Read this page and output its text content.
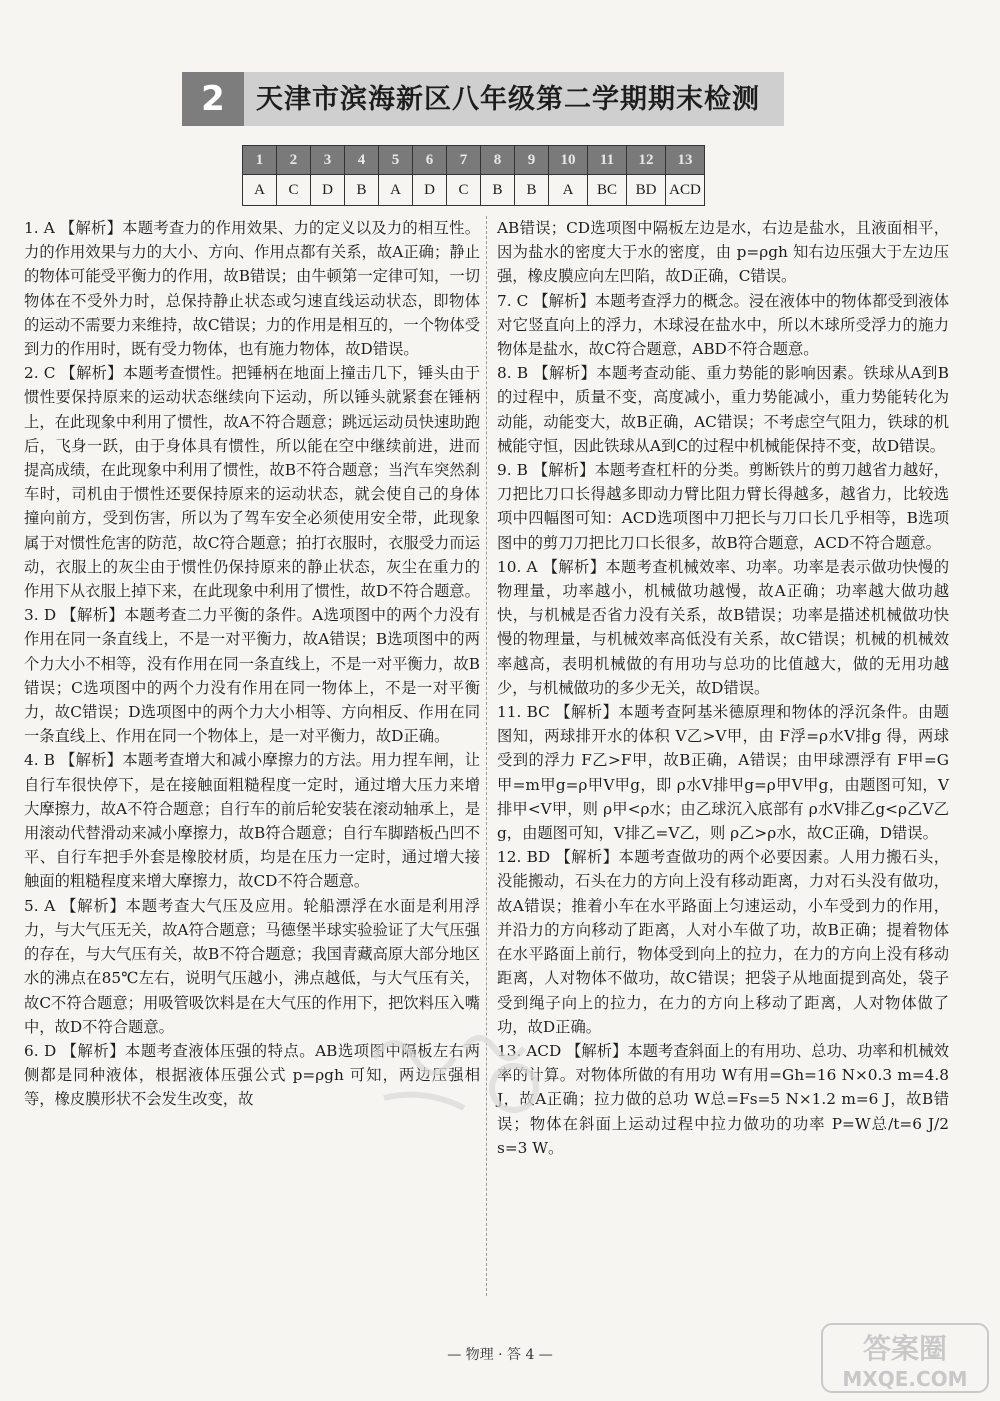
2	天津市滨海新区八年级第二学期期末检测
1	2	3	4	5	6	7	8	9	10	11	12	13
A	C	D	B	A	D	C	B	B	A	BC	BD	ACD
1. A 【解析】本题考查力的作用效果、力的定义以及力的相互性。力的作用效果与力的大小、方向、作用点都有关系，故A正确；静止的物体可能受平衡力的作用，故B错误；由牛顿第一定律可知，一切物体在不受外力时，总保持静止状态或匀速直线运动状态，即物体的运动不需要力来维持，故C错误；力的作用是相互的，一个物体受到力的作用时，既有受力物体，也有施力物体，故D错误。
2. C 【解析】本题考查惯性。把锤柄在地面上撞击几下，锤头由于惯性要保持原来的运动状态继续向下运动，所以锤头就紧套在锤柄上，在此现象中利用了惯性，故A不符合题意；跳远运动员快速助跑后，飞身一跃，由于身体具有惯性，所以能在空中继续前进，进而提高成绩，在此现象中利用了惯性，故B不符合题意；当汽车突然刹车时，司机由于惯性还要保持原来的运动状态，就会使自己的身体撞向前方，受到伤害，所以为了驾车安全必须使用安全带，此现象属于对惯性危害的防范，故C符合题意；拍打衣服时，衣服受力而运动，衣服上的灰尘由于惯性仍保持原来的静止状态，灰尘在重力的作用下从衣服上掉下来，在此现象中利用了惯性，故D不符合题意。
3. D 【解析】本题考查二力平衡的条件。A选项图中的两个力没有作用在同一条直线上，不是一对平衡力，故A错误；B选项图中的两个力大小不相等，没有作用在同一条直线上，不是一对平衡力，故B错误；C选项图中的两个力没有作用在同一物体上，不是一对平衡力，故C错误；D选项图中的两个力大小相等、方向相反、作用在同一条直线上、作用在同一个物体上，是一对平衡力，故D正确。
4. B 【解析】本题考查增大和减小摩擦力的方法。用力捏车闸，让自行车很快停下，是在接触面粗糙程度一定时，通过增大压力来增大摩擦力，故A不符合题意；自行车的前后轮安装在滚动轴承上，是用滚动代替滑动来减小摩擦力，故B符合题意；自行车脚踏板凸凹不平、自行车把手外套是橡胶材质，均是在压力一定时，通过增大接触面的粗糙程度来增大摩擦力，故CD不符合题意。
5. A 【解析】本题考查大气压及应用。轮船漂浮在水面是利用浮力，与大气压无关，故A符合题意；马德堡半球实验验证了大气压强的存在，与大气压有关，故B不符合题意；我国青藏高原大部分地区水的沸点在85℃左右，说明气压越小，沸点越低，与大气压有关，故C不符合题意；用吸管吸饮料是在大气压的作用下，把饮料压入嘴中，故D不符合题意。
6. D 【解析】本题考查液体压强的特点。AB选项图中隔板左右两侧都是同种液体，根据液体压强公式 p=ρgh 可知，两边压强相等，橡皮膜形状不会发生改变，故
AB错误；CD选项图中隔板左边是水，右边是盐水，且液面相平，因为盐水的密度大于水的密度，由 p=ρgh 知右边压强大于左边压强，橡皮膜应向左凹陷，故D正确，C错误。
7. C 【解析】本题考查浮力的概念。浸在液体中的物体都受到液体对它竖直向上的浮力，木球浸在盐水中，所以木球所受浮力的施力物体是盐水，故C符合题意，ABD不符合题意。
8. B 【解析】本题考查动能、重力势能的影响因素。铁球从A到B的过程中，质量不变，高度减小，重力势能减小，重力势能转化为动能，动能变大，故B正确，AC错误；不考虑空气阻力，铁球的机械能守恒，因此铁球从A到C的过程中机械能保持不变，故D错误。
9. B 【解析】本题考查杠杆的分类。剪断铁片的剪刀越省力越好，刀把比刀口长得越多即动力臂比阻力臂长得越多，越省力，比较选项中四幅图可知：ACD选项图中刀把长与刀口长几乎相等，B选项图中的剪刀刀把比刀口长很多，故B符合题意，ACD不符合题意。
10. A 【解析】本题考查机械效率、功率。功率是表示做功快慢的物理量，功率越小，机械做功越慢，故A正确；功率越大做功越快，与机械是否省力没有关系，故B错误；功率是描述机械做功快慢的物理量，与机械效率高低没有关系，故C错误；机械的机械效率越高，表明机械做的有用功与总功的比值越大，做的无用功越少，与机械做功的多少无关，故D错误。
11. BC 【解析】本题考查阿基米德原理和物体的浮沉条件。由题图知，两球排开水的体积 V乙>V甲，由 F浮=ρ水V排g 得，两球受到的浮力 F乙>F甲，故B正确，A错误；由甲球漂浮有 F甲=G甲=m甲g=ρ甲V甲g，即 ρ水V排甲g=ρ甲V甲g，由题图可知，V排甲<V甲，则 ρ甲<ρ水；由乙球沉入底部有 ρ水V排乙g<ρ乙V乙g，由题图可知，V排乙=V乙，则 ρ乙>ρ水，故C正确，D错误。
12. BD 【解析】本题考查做功的两个必要因素。人用力搬石头，没能搬动，石头在力的方向上没有移动距离，力对石头没有做功，故A错误；推着小车在水平路面上匀速运动，小车受到力的作用，并沿力的方向移动了距离，人对小车做了功，故B正确；提着物体在水平路面上前行，物体受到向上的拉力，在力的方向上没有移动距离，人对物体不做功，故C错误；把袋子从地面提到高处，袋子受到绳子向上的拉力，在力的方向上移动了距离，人对物体做了功，故D正确。
13. ACD 【解析】本题考查斜面上的有用功、总功、功率和机械效率的计算。对物体所做的有用功 W有用=Gh=16 N×0.3 m=4.8 J，故A正确；拉力做的总功 W总=Fs=5 N×1.2 m=6 J，故B错误；物体在斜面上运动过程中拉力做功的功率 P=W总/t=6 J/2 s=3 W。
答案圈
MXQE.COM
— 物理 · 答 4 —
